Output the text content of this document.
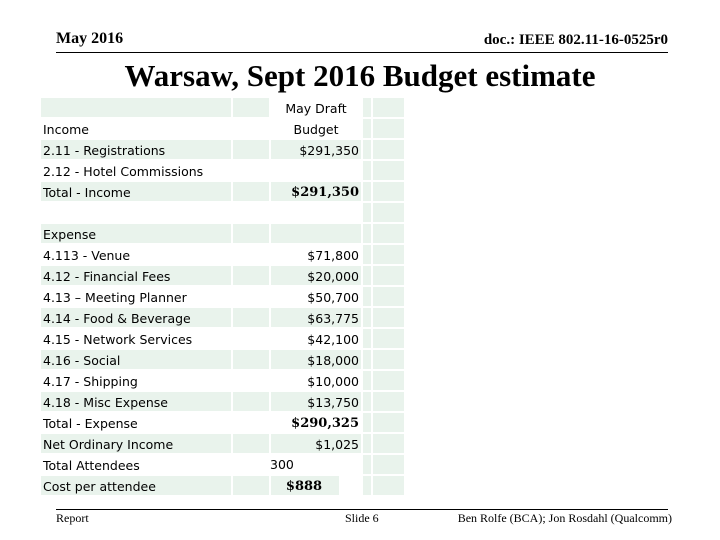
May 2016	doc.: IEEE 802.11-16-0525r0
Warsaw, Sept 2016 Budget estimate
May Draft
Income	Budget
2.11 - Registrations	$291,350
2.12 - Hotel Commissions
Total - Income	$291,350
Expense
4.113 - Venue	$71,800
4.12 - Financial Fees	$20,000
4.13 – Meeting Planner	$50,700
4.14 - Food & Beverage	$63,775
4.15 - Network Services	$42,100
4.16 - Social	$18,000
4.17 - Shipping	$10,000
4.18 - Misc Expense	$13,750
Total - Expense	$290,325
Net Ordinary Income	$1,025
Total Attendees	300
Cost per attendee	$888
Report	Slide 6	Ben Rolfe (BCA); Jon Rosdahl (Qualcomm)
